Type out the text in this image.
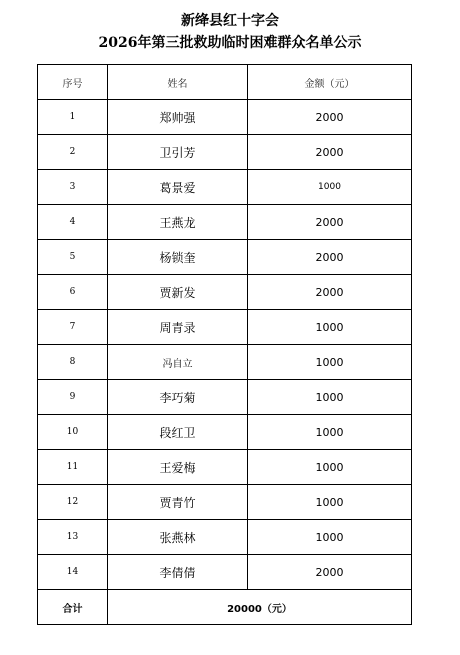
新绛县红十字会
2026年第三批救助临时困难群众名单公示
序号	姓名	金额（元）
1	郑帅强	2000
2	卫引芳	2000
3	葛景爱	1000
4	王燕龙	2000
5	杨锁奎	2000
6	贾新发	2000
7	周青录	1000
8	冯自立	1000
9	李巧菊	1000
10	段红卫	1000
11	王爱梅	1000
12	贾青竹	1000
13	张燕林	1000
14	李倩倩	2000
合计	20000（元）	
